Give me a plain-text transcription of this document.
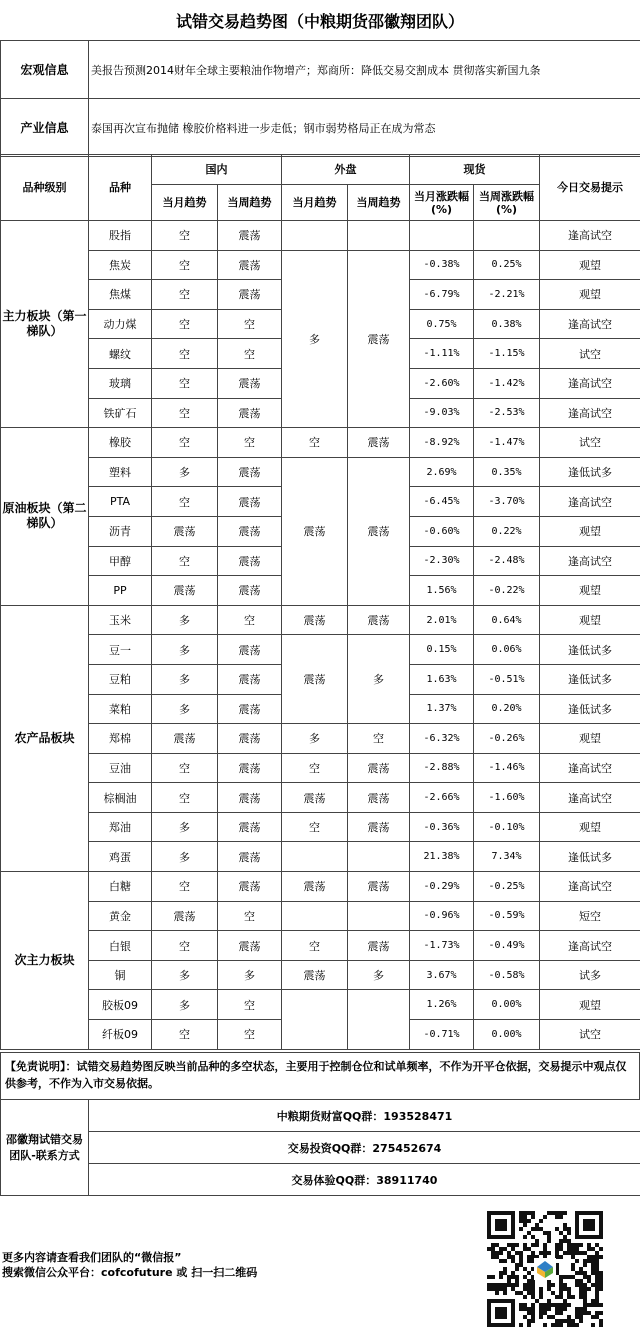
试错交易趋势图（中粮期货邵徽翔团队）
宏观信息	美报告预测2014财年全球主要粮油作物增产；郑商所：降低交易交割成本 贯彻落实新国九条
产业信息	泰国再次宣布抛储 橡胶价格料进一步走低；钢市弱势格局正在成为常态
品种级别	品种	国内		外盘		现货		今日交易提示
		当月趋势	当周趋势	当月趋势	当周趋势	当月涨跌幅(%)	当周涨跌幅(%)	
主力板块（第一梯队）	股指	空	震荡					逢高试空
	焦炭	空	震荡	多	震荡	-0.38%	0.25%	观望
	焦煤	空	震荡			-6.79%	-2.21%	观望
	动力煤	空	空			0.75%	0.38%	逢高试空
	螺纹	空	空			-1.11%	-1.15%	试空
	玻璃	空	震荡			-2.60%	-1.42%	逢高试空
	铁矿石	空	震荡			-9.03%	-2.53%	逢高试空
原油板块（第二梯队）	橡胶	空	空	空	震荡	-8.92%	-1.47%	试空
	塑料	多	震荡	震荡	震荡	2.69%	0.35%	逢低试多
	PTA	空	震荡			-6.45%	-3.70%	逢高试空
	沥青	震荡	震荡			-0.60%	0.22%	观望
	甲醇	空	震荡			-2.30%	-2.48%	逢高试空
	PP	震荡	震荡			1.56%	-0.22%	观望
农产品板块	玉米	多	空	震荡	震荡	2.01%	0.64%	观望
	豆一	多	震荡	震荡	多	0.15%	0.06%	逢低试多
	豆粕	多	震荡			1.63%	-0.51%	逢低试多
	菜粕	多	震荡			1.37%	0.20%	逢低试多
	郑棉	震荡	震荡	多	空	-6.32%	-0.26%	观望
	豆油	空	震荡	空	震荡	-2.88%	-1.46%	逢高试空
	棕榈油	空	震荡	震荡	震荡	-2.66%	-1.60%	逢高试空
	郑油	多	震荡	空	震荡	-0.36%	-0.10%	观望
	鸡蛋	多	震荡			21.38%	7.34%	逢低试多
次主力板块	白糖	空	震荡	震荡	震荡	-0.29%	-0.25%	逢高试空
	黄金	震荡	空			-0.96%	-0.59%	短空
	白银	空	震荡	空	震荡	-1.73%	-0.49%	逢高试空
	铜	多	多	震荡	多	3.67%	-0.58%	试多
	胶板09	多	空			1.26%	0.00%	观望
	纤板09	空	空			-0.71%	0.00%	试空
【免责说明】：试错交易趋势图反映当前品种的多空状态，主要用于控制仓位和试单频率，不作为开平仓依据，交易提示中观点仅供参考，不作为入市交易依据。
邵徽翔试错交易团队-联系方式	中粮期货财富QQ群：193528471
交易投资QQ群：275452674
交易体验QQ群：38911740
更多内容请查看我们团队的“微信报”
搜索微信公众平台：cofcofuture 或 扫一扫二维码
